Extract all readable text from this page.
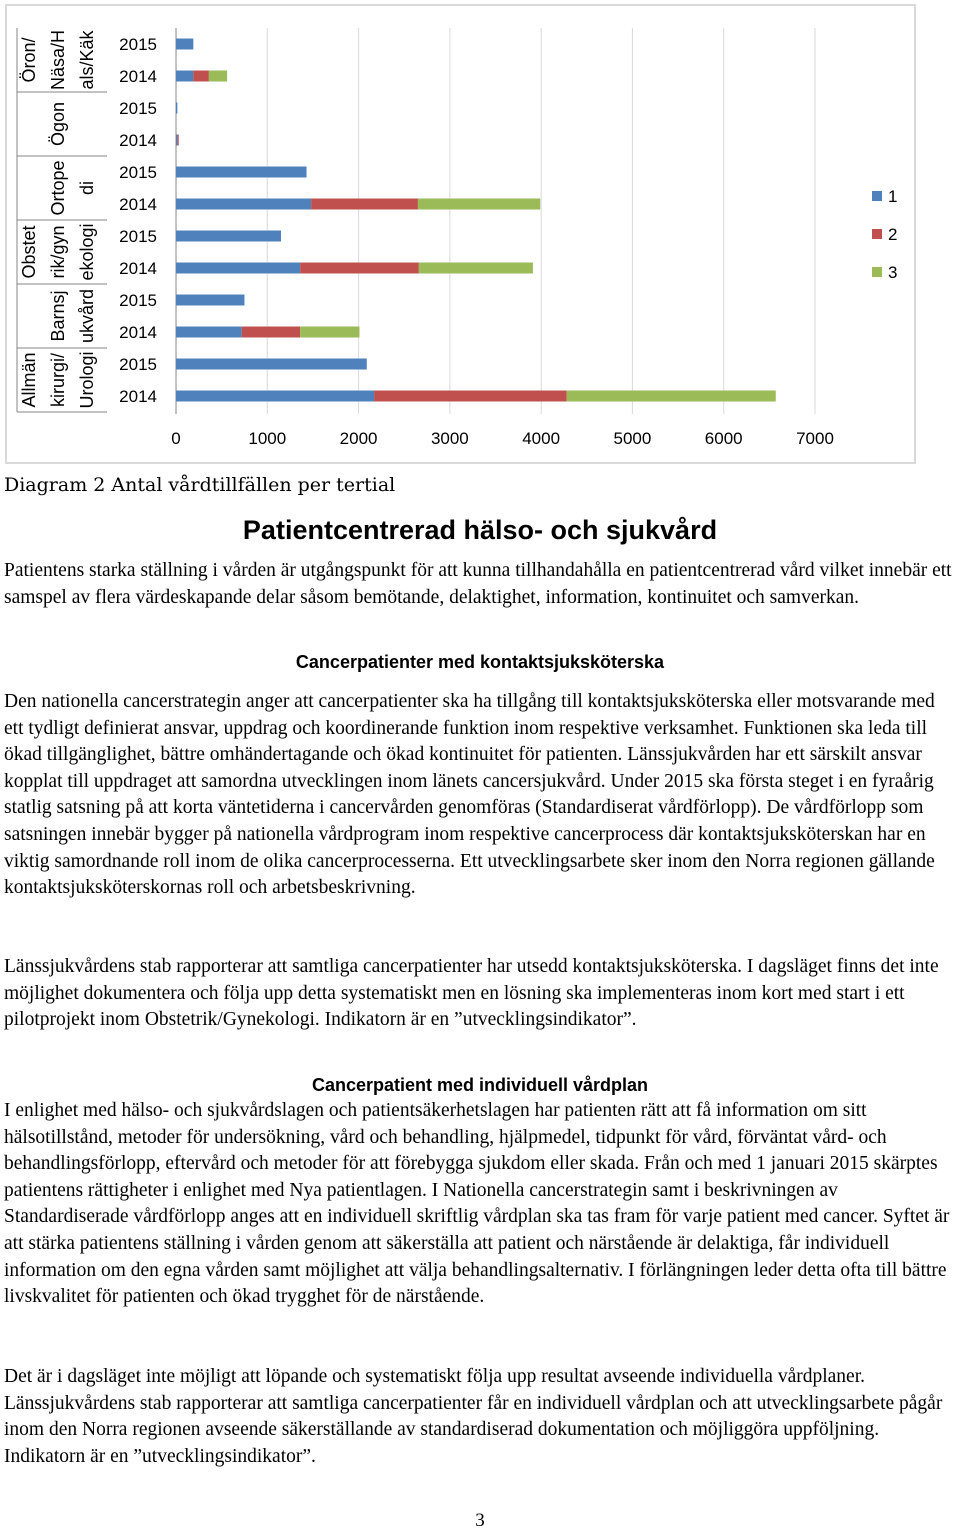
0	1000	2000	3000	4000	5000	6000	7000
2015
2014
2015
2014
2015
2014
2015
2014
2015
2014
2015
2014
Öron/ Näsa/H als/Käk
Ögon
Ortope di
Obstet rik/gyn ekologi
Barnsj ukvård
Allmän kirurgi/ Urologi
1
2
3
Diagram 2 Antal vårdtillfällen per tertial
Patientcentrerad hälso- och sjukvård

Patientens starka ställning i vården är utgångspunkt för att kunna tillhandahålla en patientcentrerad vård vilket innebär ett samspel av flera värdeskapande delar såsom bemötande, delaktighet, information, kontinuitet och samverkan.

Cancerpatienter med kontaktsjuksköterska

Den nationella cancerstrategin anger att cancerpatienter ska ha tillgång till kontaktsjuksköterska eller motsvarande med ett tydligt definierat ansvar, uppdrag och koordinerande funktion inom respektive verksamhet. Funktionen ska leda till ökad tillgänglighet, bättre omhändertagande och ökad kontinuitet för patienten. Länssjukvården har ett särskilt ansvar kopplat till uppdraget att samordna utvecklingen inom länets cancersjukvård. Under 2015 ska första steget i en fyraårig statlig satsning på att korta väntetiderna i cancervården genomföras (Standardiserat vårdförlopp). De vårdförlopp som satsningen innebär bygger på nationella vårdprogram inom respektive cancerprocess där kontaktsjuksköterskan har en viktig samordnande roll inom de olika cancerprocesserna. Ett utvecklingsarbete sker inom den Norra regionen gällande kontaktsjuksköterskornas roll och arbetsbeskrivning.

Länssjukvårdens stab rapporterar att samtliga cancerpatienter har utsedd kontaktsjuksköterska. I dagsläget finns det inte möjlighet dokumentera och följa upp detta systematiskt men en lösning ska implementeras inom kort med start i ett pilotprojekt inom Obstetrik/Gynekologi. Indikatorn är en ”utvecklingsindikator”.

Cancerpatient med individuell vårdplan

I enlighet med hälso- och sjukvårdslagen och patientsäkerhetslagen har patienten rätt att få information om sitt hälsotillstånd, metoder för undersökning, vård och behandling, hjälpmedel, tidpunkt för vård, förväntat vård- och behandlingsförlopp, eftervård och metoder för att förebygga sjukdom eller skada. Från och med 1 januari 2015 skärptes patientens rättigheter i enlighet med Nya patientlagen. I Nationella cancerstrategin samt i beskrivningen av Standardiserade vårdförlopp anges att en individuell skriftlig vårdplan ska tas fram för varje patient med cancer. Syftet är att stärka patientens ställning i vården genom att säkerställa att patient och närstående är delaktiga, får individuell information om den egna vården samt möjlighet att välja behandlingsalternativ. I förlängningen leder detta ofta till bättre livskvalitet för patienten och ökad trygghet för de närstående.

Det är i dagsläget inte möjligt att löpande och systematiskt följa upp resultat avseende individuella vårdplaner. Länssjukvårdens stab rapporterar att samtliga cancerpatienter får en individuell vårdplan och att utvecklingsarbete pågår inom den Norra regionen avseende säkerställande av standardiserad dokumentation och möjliggöra uppföljning. Indikatorn är en ”utvecklingsindikator”.

3
